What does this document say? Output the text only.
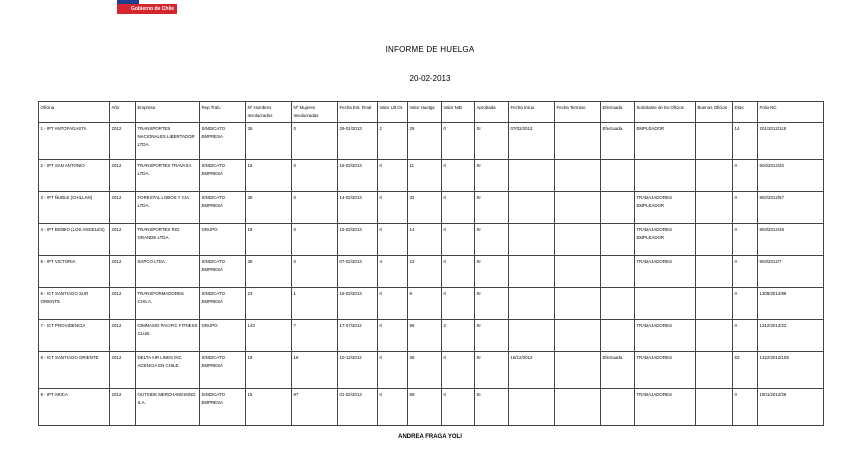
Gobierno de Chile
INFORME DE HUELGA
20-02-2013
Oficina	Año	Empresa	Rep.Trab.	Nº Hombres Involucrados	Nº Mujeres Involucradas	Fecha Est. Final	Valor Ult.Ot.	Valor Huelga	Valor NIB	Aprobada	Fecha Inicio	Fecha Termino	Efectuada	Solicitante de Ex.Oficios	Buenos Oficios	Días	Folio NC
1 - IPT ANTOFAGASTA	2012	TRANSPORTES NACIONALES LIBERTADOR LTDA.	SINDICATO EMPRESA	35	0	29-01/2013	2	29	0	SI	07/02/2013		Efectuada	EMPLEADOR		14	201/2012/118
2 - IPT SAN ANTONIO	2012	TRANSPORTES TRAVASA LTDA.	SINDICATO EMPRESA	15	0	18-02/2013	0	11	0	SI						0	504/2012/20
3 - IPT ÑUBLE (CHILLAN)	2012	FORESTAL LOBOS Y CIA. LTDA.	SINDICATO EMPRESA	38	0	14-02/2013	0	33	0	SI				TRABAJADORES EMPLEADOR		0	802/2012/57
4 - IPT BIOBIO (LOS ANGELES)	2012	TRANSPORTES RIO GRANDE LTDA.	GRUPO	19	0	15-02/2013	0	14	0	SI				TRABAJADORES EMPLEADOR		0	803/2012/48
5 - IPT VICTORIA	2012	SAPCO LTDA.	SINDICATO EMPRESA	38	0	07-02/2013	4	23	0	SI				TRABAJADORES		0	903/2012/7
6 - ICT SANTIAGO SUR ORIENTE	2012	TRANSFORMADORES CHS.A.	SINDICATO EMPRESA	23	1	18-02/2013	0	8	0	SI						0	1308/2012/88
7 - ICT PROVIDENCIA	2012	GIMNASIO PACIFIC FITNESS CLUB.	GRUPO	143	7	17-07/2012	0	96	2	SI				TRABAJADORES		0	1312/2012/22
8 - ICT SANTIAGO ORIENTE	2012	DELTA AIR LINES INC AGENCIA EN CHILE.	SINDICATO EMPRESA	18	18	10-12/2012	0	36	0	SI	18/12/2012		Efectuada	TRABAJADORES		63	1322/2012/108
9 - IPT ARICA	2012	OUTSIDE MERCHANDISING S.A.	SINDICATO EMPRESA	15	87	01-02/2013	0	89	0	SI				TRABAJADORES		0	1501/2012/28
ANDREA FRAGA YOLI
